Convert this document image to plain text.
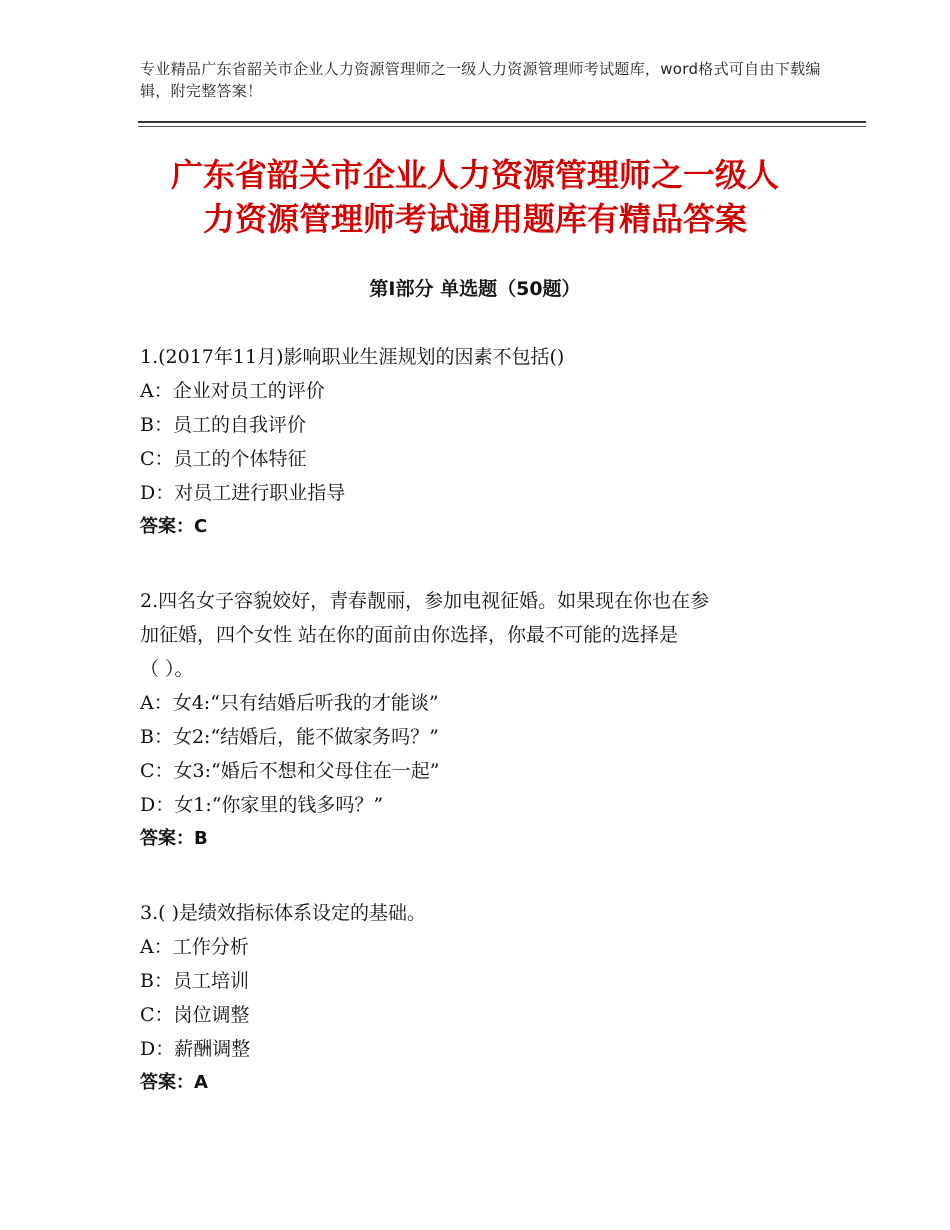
专业精品广东省韶关市企业人力资源管理师之一级人力资源管理师考试题库，word格式可自由下载编辑，附完整答案！
广东省韶关市企业人力资源管理师之一级人
力资源管理师考试通用题库有精品答案
第Ⅰ部分 单选题（50题）

1.(2017年11月)影响职业生涯规划的因素不包括()

A：企业对员工的评价

B：员工的自我评价

C：员工的个体特征

D：对员工进行职业指导

答案：C

2.四名女子容貌姣好，青春靓丽，参加电视征婚。如果现在你也在参

加征婚，四个女性 站在你的面前由你选择，你最不可能的选择是

（ ）。

A：女4:“只有结婚后听我的才能谈”

B：女2:“结婚后，能不做家务吗？”

C：女3:“婚后不想和父母住在一起”

D：女1:“你家里的钱多吗？”

答案：B

3.( )是绩效指标体系设定的基础。

A：工作分析

B：员工培训

C：岗位调整

D：薪酬调整

答案：A
